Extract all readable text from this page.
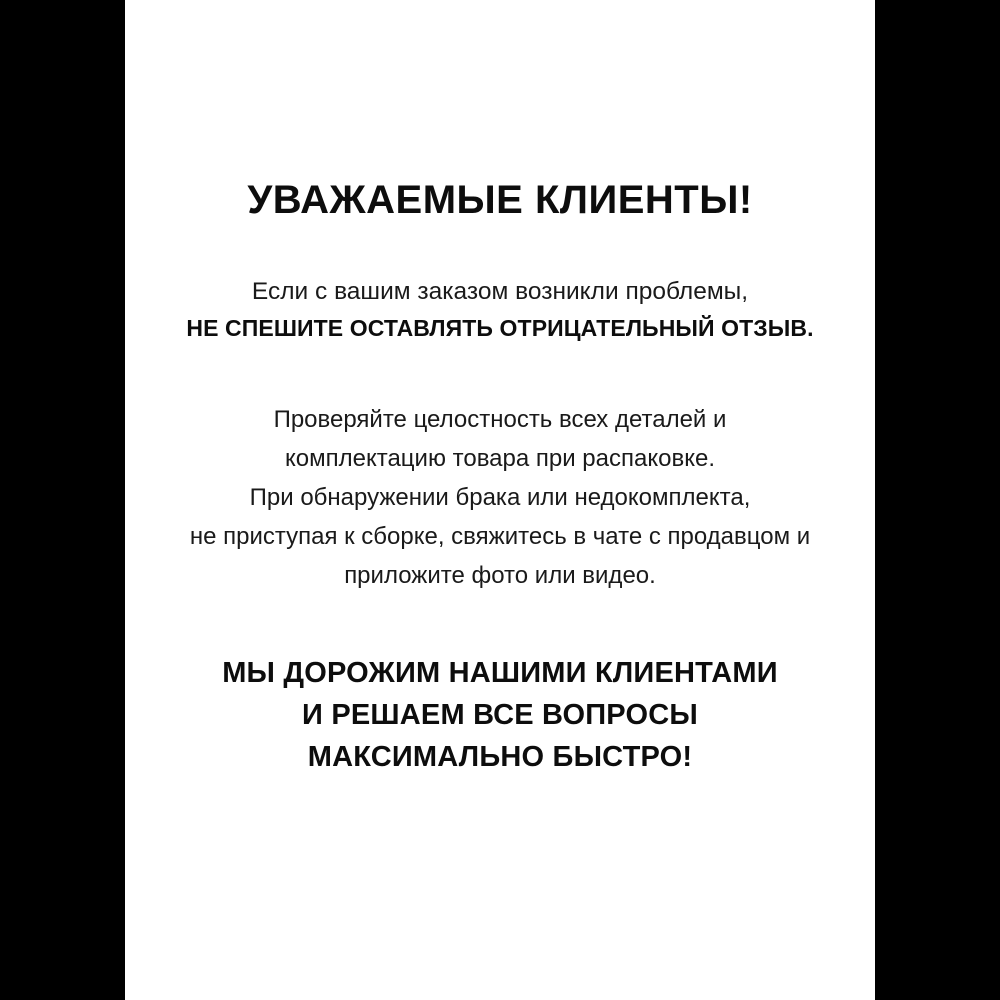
УВАЖАЕМЫЕ КЛИЕНТЫ!
Если с вашим заказом возникли проблемы,
НЕ СПЕШИТЕ ОСТАВЛЯТЬ ОТРИЦАТЕЛЬНЫЙ ОТЗЫВ.
Проверяйте целостность всех деталей и
комплектацию товара при распаковке.
При обнаружении брака или недокомплекта,
не приступая к сборке, свяжитесь в чате с продавцом и
приложите фото или видео.
МЫ ДОРОЖИМ НАШИМИ КЛИЕНТАМИ
И РЕШАЕМ ВСЕ ВОПРОСЫ
МАКСИМАЛЬНО БЫСТРО!
